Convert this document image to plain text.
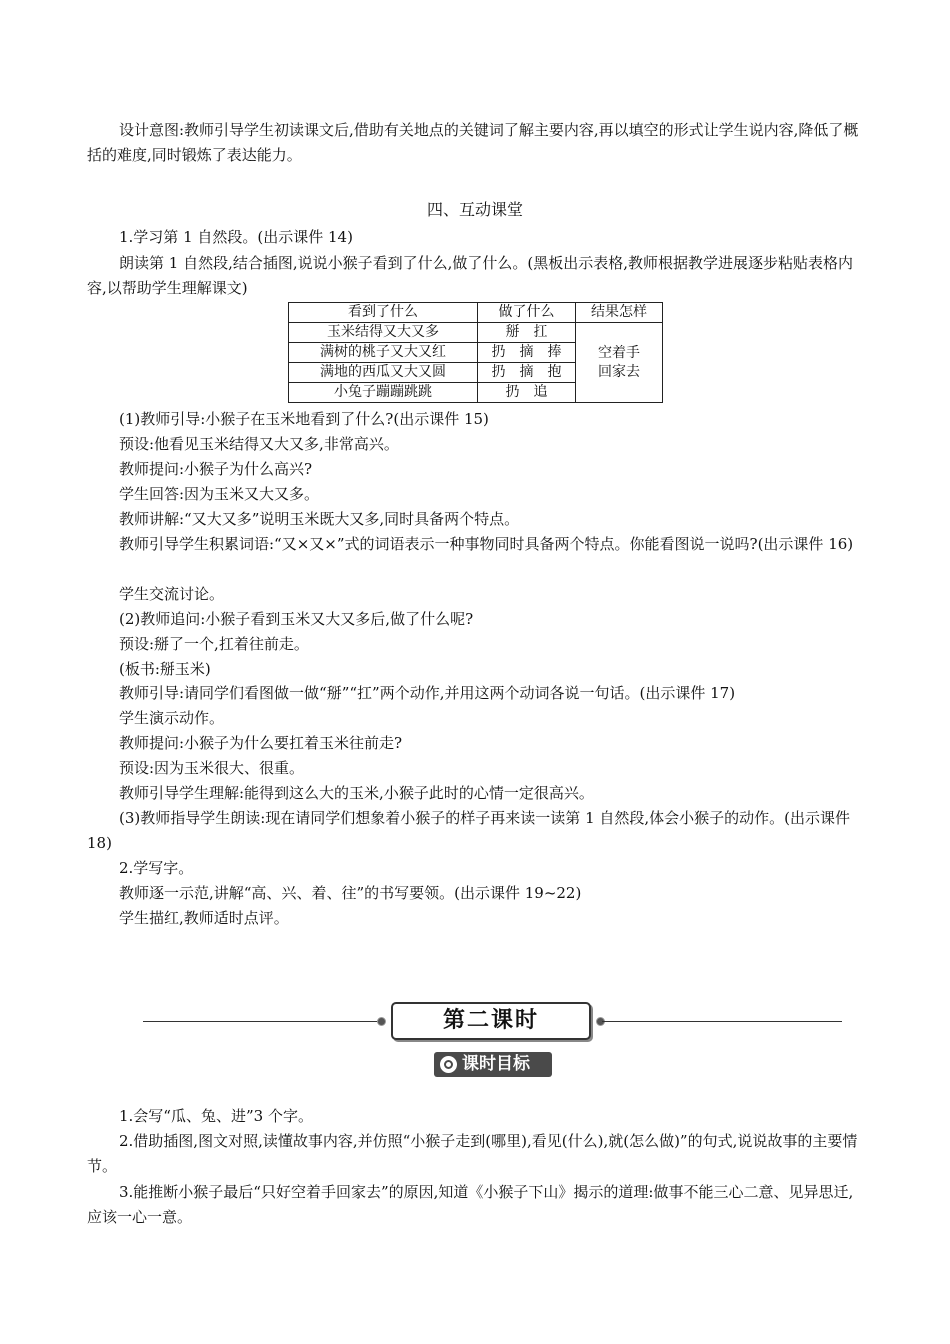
设计意图:教师引导学生初读课文后,借助有关地点的关键词了解主要内容,再以填空的形式让学生说内容,降低了概括的难度,同时锻炼了表达能力。

四、互动课堂

1.学习第 1 自然段。(出示课件 14)

朗读第 1 自然段,结合插图,说说小猴子看到了什么,做了什么。(黑板出示表格,教师根据教学进展逐步粘贴表格内容,以帮助学生理解课文)

看到了什么	做了什么	结果怎样
玉米结得又大又多	掰　扛	空着手回家去
满树的桃子又大又红	扔　摘　捧	
满地的西瓜又大又圆	扔　摘　抱	
小兔子蹦蹦跳跳	扔　追	

(1)教师引导:小猴子在玉米地看到了什么?(出示课件 15)

预设:他看见玉米结得又大又多,非常高兴。

教师提问:小猴子为什么高兴?

学生回答:因为玉米又大又多。

教师讲解:“又大又多”说明玉米既大又多,同时具备两个特点。

教师引导学生积累词语:“又×又×”式的词语表示一种事物同时具备两个特点。你能看图说一说吗?(出示课件 16)

学生交流讨论。

(2)教师追问:小猴子看到玉米又大又多后,做了什么呢?

预设:掰了一个,扛着往前走。

(板书:掰玉米)

教师引导:请同学们看图做一做“掰”“扛”两个动作,并用这两个动词各说一句话。(出示课件 17)

学生演示动作。

教师提问:小猴子为什么要扛着玉米往前走?

预设:因为玉米很大、很重。

教师引导学生理解:能得到这么大的玉米,小猴子此时的心情一定很高兴。

(3)教师指导学生朗读:现在请同学们想象着小猴子的样子再来读一读第 1 自然段,体会小猴子的动作。(出示课件 18)

2.学写字。

教师逐一示范,讲解“高、兴、着、往”的书写要领。(出示课件 19~22)

学生描红,教师适时点评。

第二课时
课时目标

1.会写“瓜、兔、进”3 个字。

2.借助插图,图文对照,读懂故事内容,并仿照“小猴子走到(哪里),看见(什么),就(怎么做)”的句式,说说故事的主要情节。

3.能推断小猴子最后“只好空着手回家去”的原因,知道《小猴子下山》揭示的道理:做事不能三心二意、见异思迁,应该一心一意。
